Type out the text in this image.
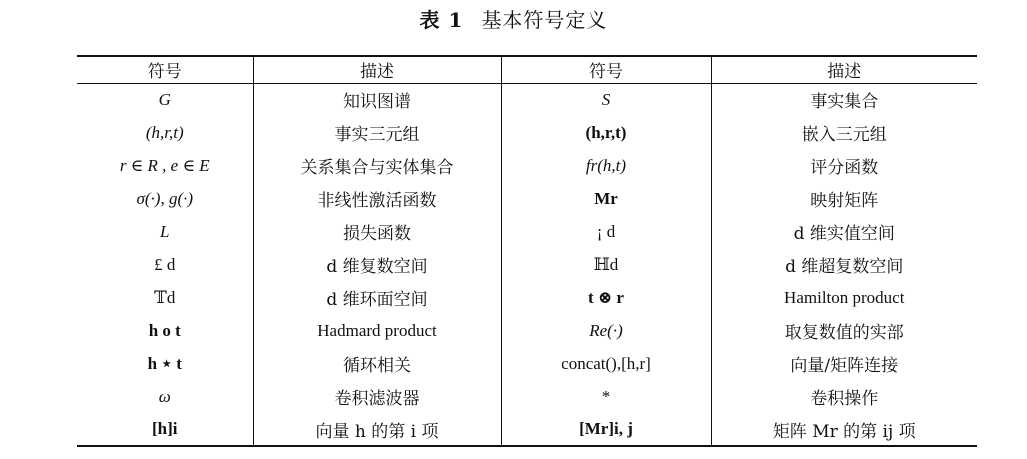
表 1 基本符号定义
符号	描述	符号	描述
G	知识图谱	S	事实集合
(h,r,t)	事实三元组	(h,r,t)	嵌入三元组
r ∈ R , e ∈ E	关系集合与实体集合	fr(h,t)	评分函数
σ(·), g(·)	非线性激活函数	Mr	映射矩阵
L	损失函数	¡ d	d 维实值空间
£ d	d 维复数空间	ℍd	d 维超复数空间
𝕋d	d 维环面空间	t ⊗ r	Hamilton product
h ο t	Hadmard product	Re(·)	取复数值的实部
h ⋆ t	循环相关	concat(),[h,r]	向量/矩阵连接
ω	卷积滤波器	*	卷积操作
[h]i	向量 h 的第 i 项	[Mr]i, j	矩阵 Mr 的第 ij 项
